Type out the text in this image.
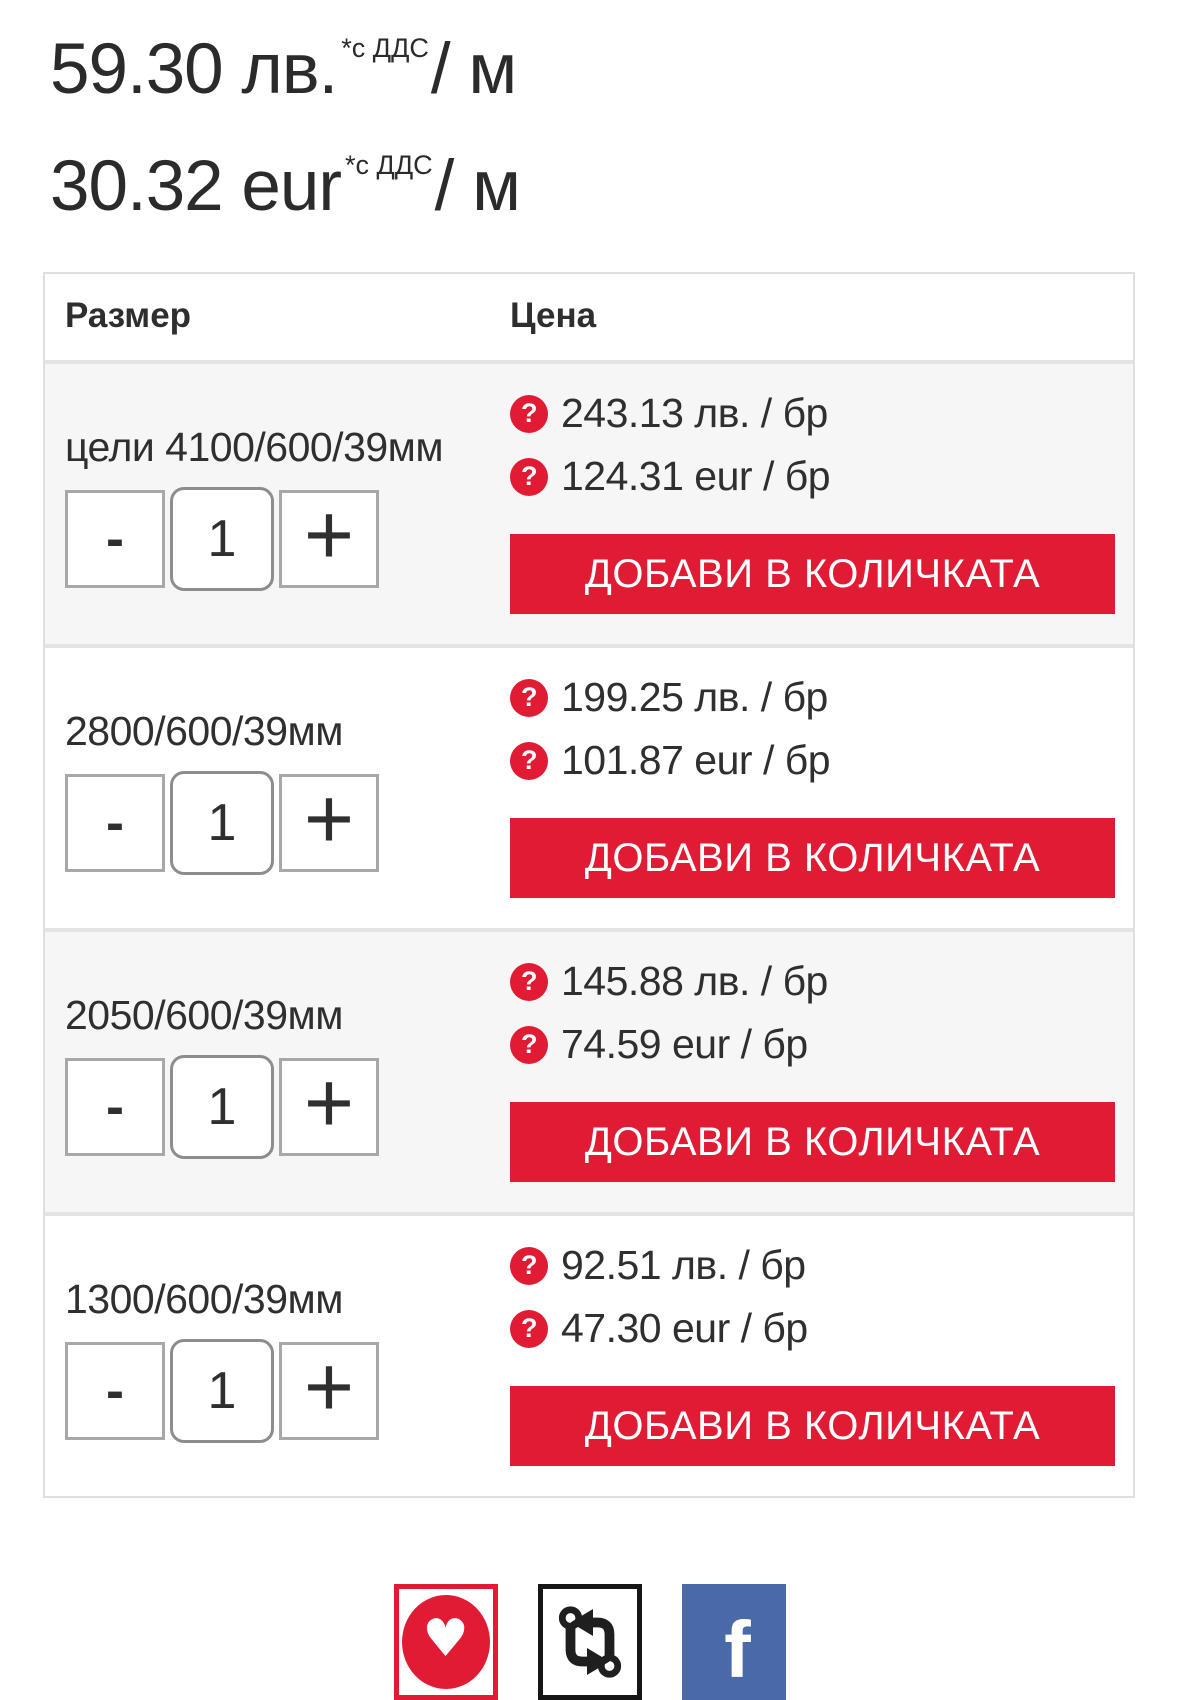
59.30 лв. *с ДДС/ м
30.32 eur *с ДДС/ м
Размер	Цена
цели 4100/600/39мм
-
1	+
? 243.13 лв. / бр
? 124.31 eur / бр
ДОБАВИ В КОЛИЧКАТА
2800/600/39мм
-
1	+
? 199.25 лв. / бр
? 101.87 eur / бр
ДОБАВИ В КОЛИЧКАТА
2050/600/39мм
-
1	+
? 145.88 лв. / бр
? 74.59 eur / бр
ДОБАВИ В КОЛИЧКАТА
1300/600/39мм
-
1	+
? 92.51 лв. / бр
? 47.30 eur / бр
ДОБАВИ В КОЛИЧКАТА
♥	f
